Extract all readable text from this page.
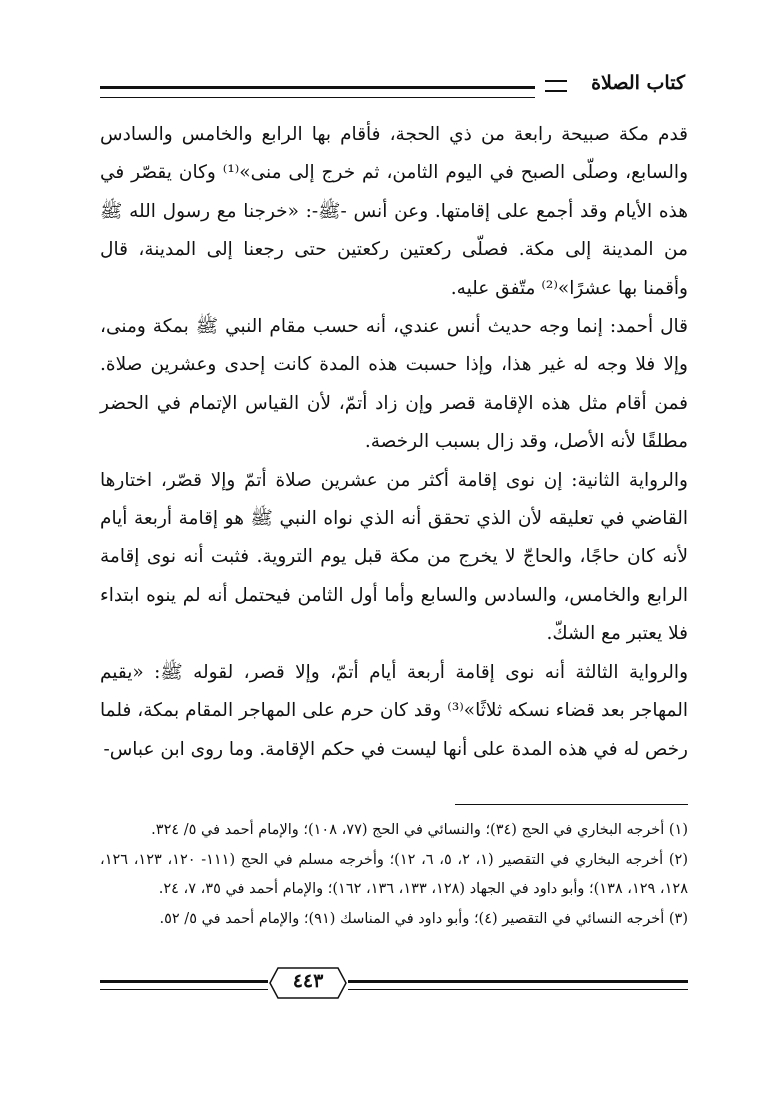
كتاب الصلاة

قدم مكة صبيحة رابعة من ذي الحجة، فأقام بها الرابع والخامس والسادس والسابع، وصلّى الصبح في اليوم الثامن، ثم خرج إلى منى»⁽¹⁾ وكان يقصّر في هذه الأيام وقد أجمع على إقامتها. وعن أنس -ﷺ-: «خرجنا مع رسول الله ﷺ من المدينة إلى مكة. فصلّى ركعتين ركعتين حتى رجعنا إلى المدينة، قال وأقمنا بها عشرًا»⁽²⁾ متّفق عليه.

قال أحمد: إنما وجه حديث أنس عندي، أنه حسب مقام النبي ﷺ بمكة ومنى، وإلا فلا وجه له غير هذا، وإذا حسبت هذه المدة كانت إحدى وعشرين صلاة. فمن أقام مثل هذه الإقامة قصر وإن زاد أتمّ، لأن القياس الإتمام في الحضر مطلقًا لأنه الأصل، وقد زال بسبب الرخصة.

والرواية الثانية: إن نوى إقامة أكثر من عشرين صلاة أتمّ وإلا قصّر، اختارها القاضي في تعليقه لأن الذي تحقق أنه الذي نواه النبي ﷺ هو إقامة أربعة أيام لأنه كان حاجًا، والحاجّ لا يخرج من مكة قبل يوم التروية. فثبت أنه نوى إقامة الرابع والخامس، والسادس والسابع وأما أول الثامن فيحتمل أنه لم ينوه ابتداء فلا يعتبر مع الشكّ.

والرواية الثالثة أنه نوى إقامة أربعة أيام أتمّ، وإلا قصر، لقوله ﷺ: «يقيم المهاجر بعد قضاء نسكه ثلاثًا»⁽³⁾ وقد كان حرم على المهاجر المقام بمكة، فلما رخص له في هذه المدة على أنها ليست في حكم الإقامة. وما روى ابن عباس-

(١) أخرجه البخاري في الحج (٣٤)؛ والنسائي في الحج (٧٧، ١٠٨)؛ والإمام أحمد في ٥/ ٣٢٤.

(٢) أخرجه البخاري في التقصير (١، ٢، ٥، ٦، ١٢)؛ وأخرجه مسلم في الحج (١١١- ١٢٠، ١٢٣، ١٢٦، ١٢٨، ١٢٩، ١٣٨)؛ وأبو داود في الجهاد (١٢٨، ١٣٣، ١٣٦، ١٦٢)؛ والإمام أحمد في ٣٥، ٧، ٢٤.

(٣) أخرجه النسائي في التقصير (٤)؛ وأبو داود في المناسك (٩١)؛ والإمام أحمد في ٥/ ٥٢.

٤٤٣
